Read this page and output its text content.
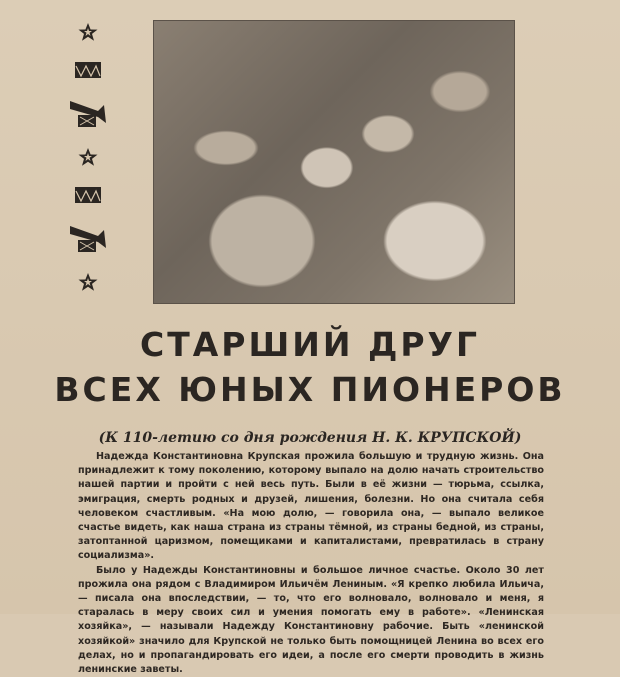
СТАРШИЙ ДРУГ
ВСЕХ ЮНЫХ ПИОНЕРОВ
(К 110-летию со дня рождения Н. К. КРУПСКОЙ)

Надежда Константиновна Крупская прожила большую и трудную жизнь. Она принадлежит к тому поколению, которому выпало на долю начать строительство нашей партии и пройти с ней весь путь. Были в её жизни — тюрьма, ссылка, эмиграция, смерть родных и друзей, лишения, болезни. Но она считала себя человеком счастливым. «На мою долю, — говорила она, — выпало великое счастье видеть, как наша страна из страны тёмной, из страны бедной, из страны, затоптанной царизмом, помещиками и капиталистами, превратилась в страну социализма».

Было у Надежды Константиновны и большое личное счастье. Около 30 лет прожила она рядом с Владимиром Ильичём Лениным. «Я крепко любила Ильича, — писала она впоследствии, — то, что его волновало, волновало и меня, я старалась в меру своих сил и умения помогать ему в работе». «Ленинская хозяйка», — называли Надежду Константиновну рабочие. Быть «ленинской хозяйкой» значило для Крупской не только быть помощницей Ленина во всех его делах, но и пропагандировать его идеи, а после его смерти проводить в жизнь ленинские заветы.
